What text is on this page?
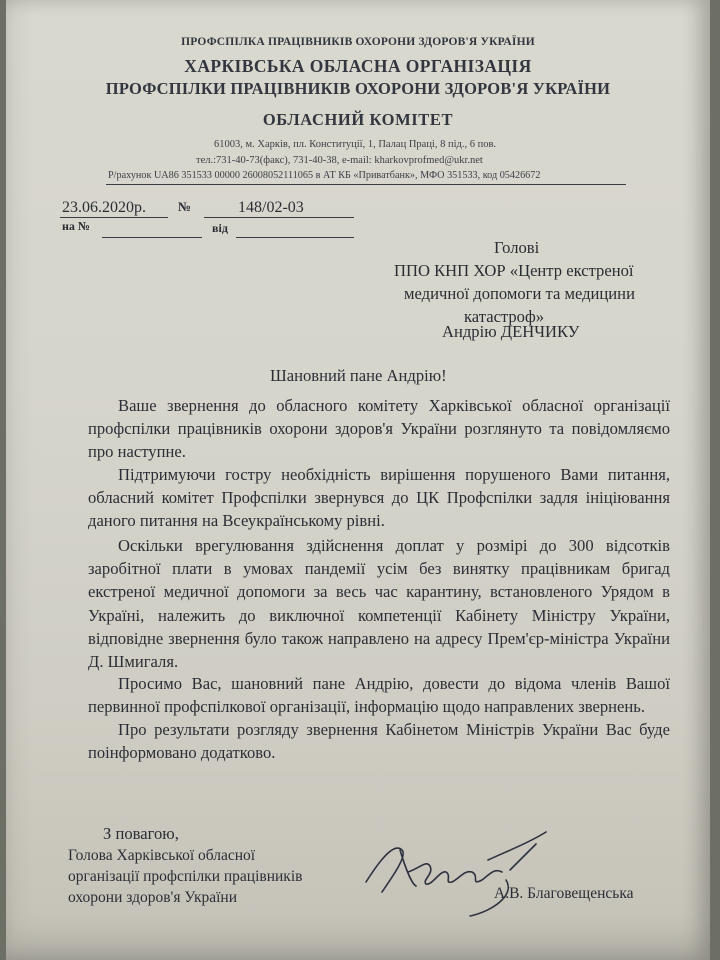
ПРОФСПІЛКА ПРАЦІВНИКІВ ОХОРОНИ ЗДОРОВ'Я УКРАЇНИ
ХАРКІВСЬКА ОБЛАСНА ОРГАНІЗАЦІЯ
ПРОФСПІЛКИ ПРАЦІВНИКІВ ОХОРОНИ ЗДОРОВ'Я УКРАЇНИ
ОБЛАСНИЙ КОМІТЕТ
61003, м. Харків, пл. Конституції, 1, Палац Праці, 8 під., 6 пов.
тел.:731-40-73(факс), 731-40-38, e-mail: kharkovprofmed@ukr.net
Р/рахунок UA86 351533 00000 26008052111065 в АТ КБ «Приватбанк», МФО 351533, код 05426672
23.06.2020р. №	148/02-03
на №	від
Голові
ППО КНП ХОР «Центр екстреної
медичної допомоги та медицини
катастроф»
Андрію ДЕНЧИКУ
Шановний пане Андрію!
Ваше звернення до обласного комітету Харківської обласної організації профспілки працівників охорони здоров'я України розглянуто та повідомляємо про наступне.
Підтримуючи гостру необхідність вирішення порушеного Вами питання, обласний комітет Профспілки звернувся до ЦК Профспілки задля ініціювання даного питання на Всеукраїнському рівні.
Оскільки врегулювання здійснення доплат у розмірі до 300 відсотків заробітної плати в умовах пандемії усім без винятку працівникам бригад екстреної медичної допомоги за весь час карантину, встановленого Урядом в Україні, належить до виключної компетенції Кабінету Міністру України, відповідне звернення було також направлено на адресу Прем'єр-міністра України Д. Шмигаля.
Просимо Вас, шановний пане Андрію, довести до відома членів Вашої первинної профспілкової організації, інформацію щодо направлених звернень.
Про результати розгляду звернення Кабінетом Міністрів України Вас буде поінформовано додатково.
З повагою,
Голова Харківської обласної
організації профспілки працівників
охорони здоров'я України	А.В. Благовещенська
